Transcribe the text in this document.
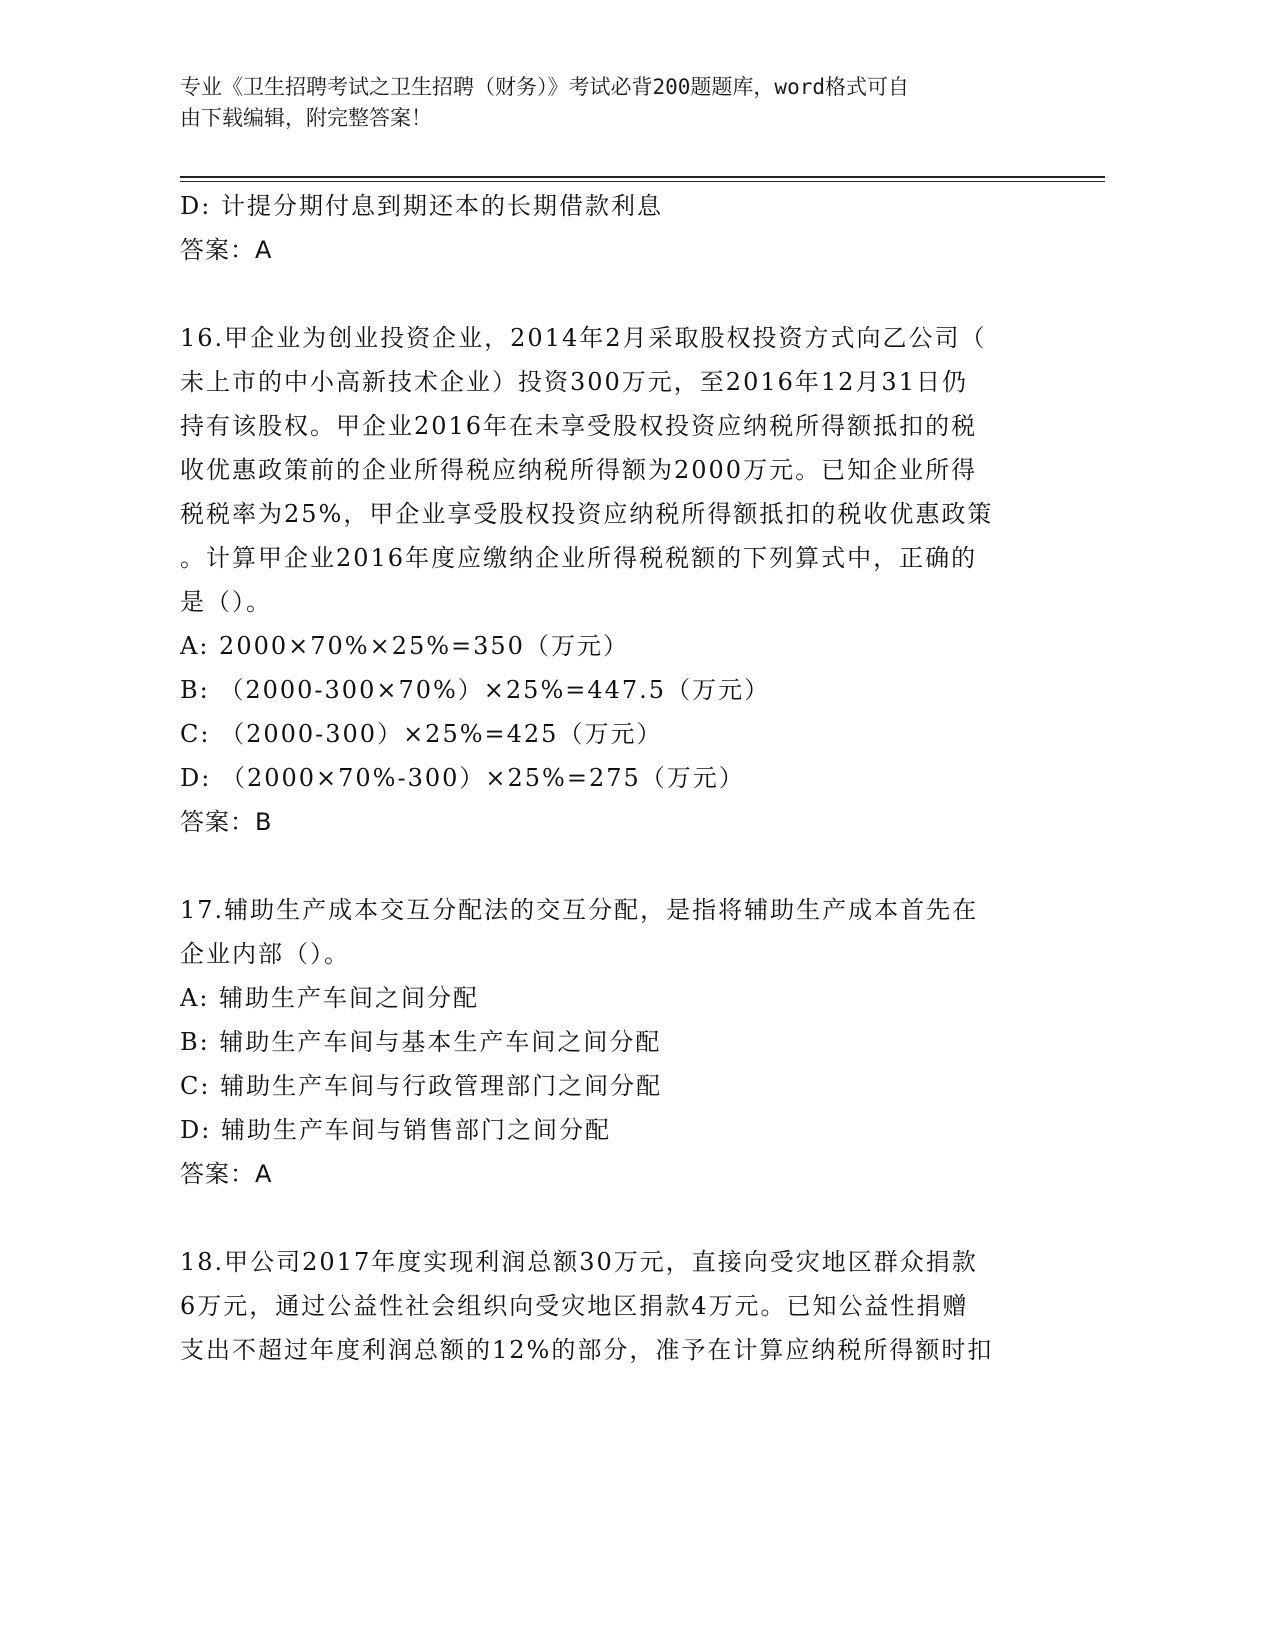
专业《卫生招聘考试之卫生招聘（财务）》考试必背200题题库，word格式可自
由下载编辑，附完整答案！
D: 计提分期付息到期还本的长期借款利息
答案：A
16.甲企业为创业投资企业，2014年2月采取股权投资方式向乙公司（
未上市的中小高新技术企业）投资300万元，至2016年12月31日仍
持有该股权。甲企业2016年在未享受股权投资应纳税所得额抵扣的税
收优惠政策前的企业所得税应纳税所得额为2000万元。已知企业所得
税税率为25%，甲企业享受股权投资应纳税所得额抵扣的税收优惠政策
。计算甲企业2016年度应缴纳企业所得税税额的下列算式中，正确的
是（）。
A: 2000×70%×25%=350（万元）
B: （2000-300×70%）×25%=447.5（万元）
C: （2000-300）×25%=425（万元）
D: （2000×70%-300）×25%=275（万元）
答案：B
17.辅助生产成本交互分配法的交互分配，是指将辅助生产成本首先在
企业内部（）。
A: 辅助生产车间之间分配
B: 辅助生产车间与基本生产车间之间分配
C: 辅助生产车间与行政管理部门之间分配
D: 辅助生产车间与销售部门之间分配
答案：A
18.甲公司2017年度实现利润总额30万元，直接向受灾地区群众捐款
6万元，通过公益性社会组织向受灾地区捐款4万元。已知公益性捐赠
支出不超过年度利润总额的12%的部分，准予在计算应纳税所得额时扣
